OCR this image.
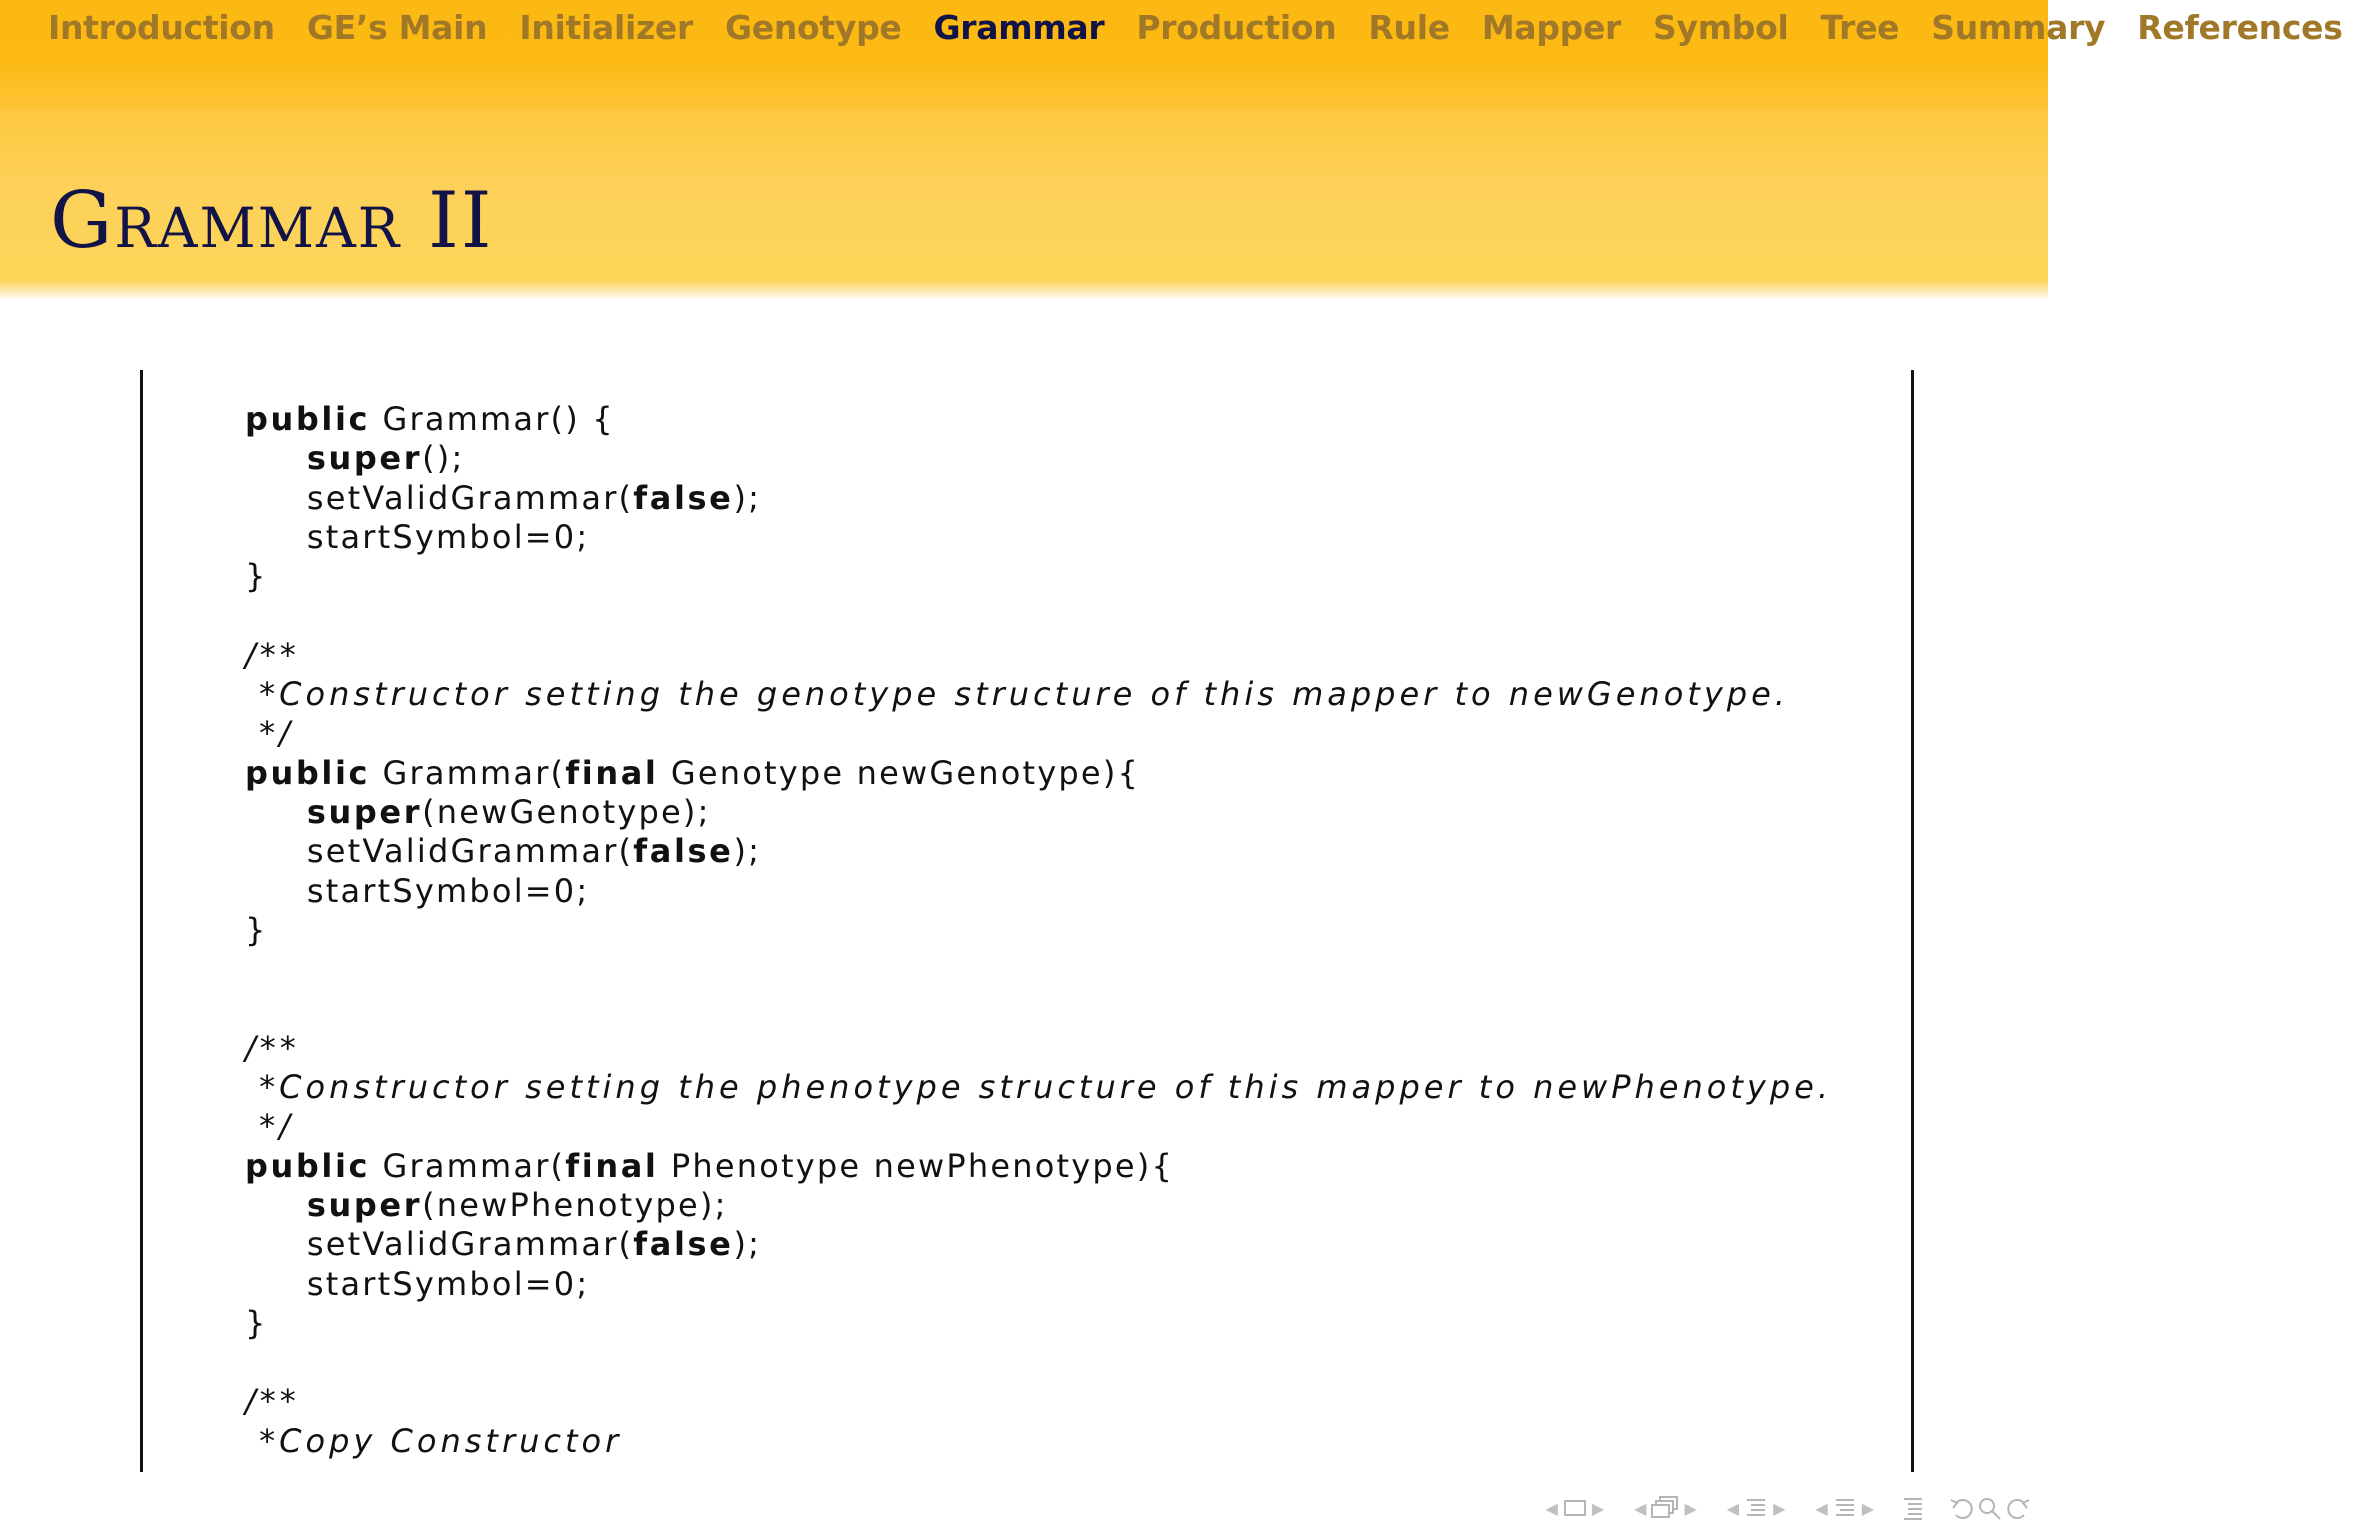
Introduction GE’s Main Initializer Genotype Grammar Production Rule Mapper Symbol Tree Summary References
Grammar II
public Grammar() {
super();
setValidGrammar(false);
startSymbol=0;
}
/**
*Constructor setting the genotype structure of this mapper to newGenotype.
*/
public Grammar(final Genotype newGenotype){
super(newGenotype);
setValidGrammar(false);
startSymbol=0;
}
/**
*Constructor setting the phenotype structure of this mapper to newPhenotype.
*/
public Grammar(final Phenotype newPhenotype){
super(newPhenotype);
setValidGrammar(false);
startSymbol=0;
}
/**
*Copy Constructor
◀ ▶ ◀ ▶ ◀ ▶ ◀ ▶
